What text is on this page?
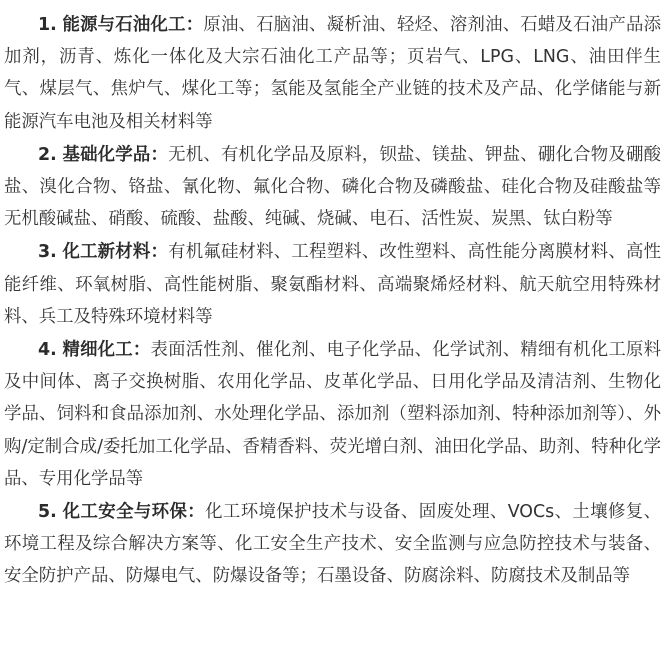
1. 能源与石油化工：原油、石脑油、凝析油、轻烃、溶剂油、石蜡及石油产品添加剂，沥青、炼化一体化及大宗石油化工产品等；页岩气、LPG、LNG、油田伴生气、煤层气、焦炉气、煤化工等；氢能及氢能全产业链的技术及产品、化学储能与新能源汽车电池及相关材料等

2. 基础化学品：无机、有机化学品及原料，钡盐、镁盐、钾盐、硼化合物及硼酸盐、溴化合物、铬盐、氰化物、氟化合物、磷化合物及磷酸盐、硅化合物及硅酸盐等无机酸碱盐、硝酸、硫酸、盐酸、纯碱、烧碱、电石、活性炭、炭黑、钛白粉等

3. 化工新材料：有机氟硅材料、工程塑料、改性塑料、高性能分离膜材料、高性能纤维、环氧树脂、高性能树脂、聚氨酯材料、高端聚烯烃材料、航天航空用特殊材料、兵工及特殊环境材料等

4. 精细化工：表面活性剂、催化剂、电子化学品、化学试剂、精细有机化工原料及中间体、离子交换树脂、农用化学品、皮革化学品、日用化学品及清洁剂、生物化学品、饲料和食品添加剂、水处理化学品、添加剂（塑料添加剂、特种添加剂等）、外购/定制合成/委托加工化学品、香精香料、荧光增白剂、油田化学品、助剂、特种化学品、专用化学品等

5. 化工安全与环保：化工环境保护技术与设备、固废处理、VOCs、土壤修复、环境工程及综合解决方案等、化工安全生产技术、安全监测与应急防控技术与装备、安全防护产品、防爆电气、防爆设备等；石墨设备、防腐涂料、防腐技术及制品等
